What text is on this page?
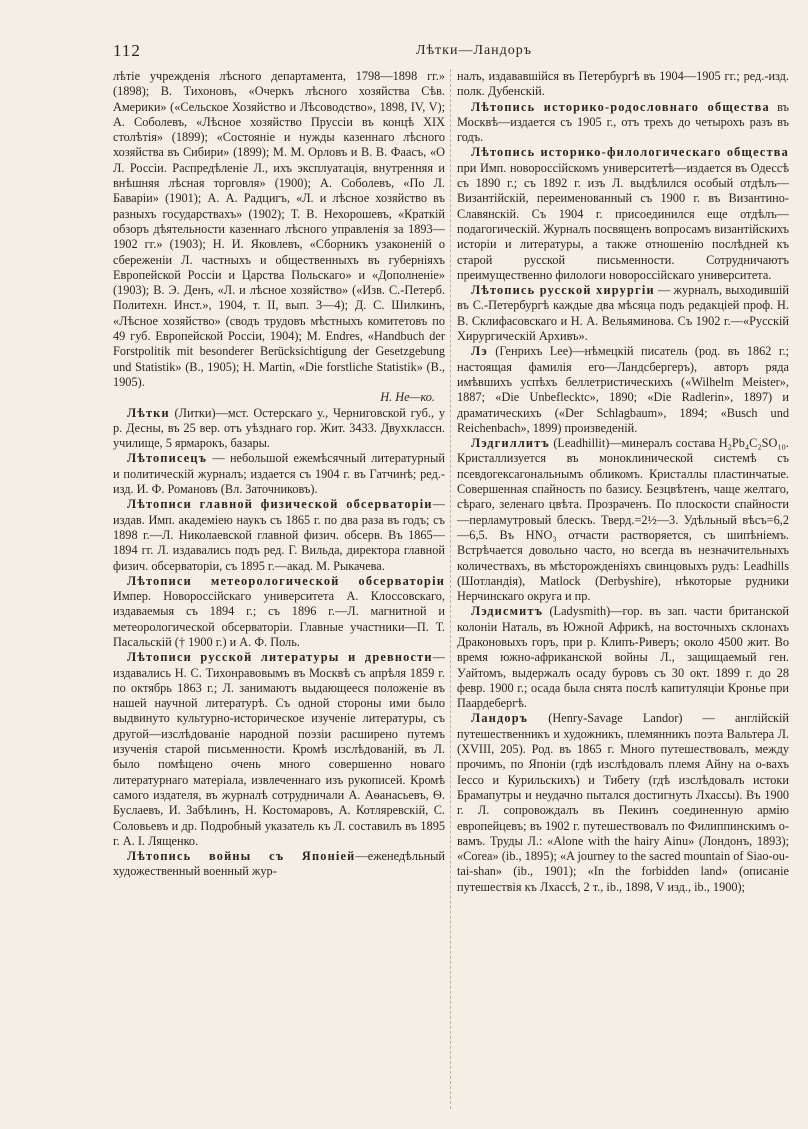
112	Лѣтки—Ландоръ

лѣтіе учрежденія лѣсного департамента, 1798—1898 гг.» (1898); В. Тихоновъ, «Очеркъ лѣсного хозяйства Сѣв. Америки» («Сельское Хозяйство и Лѣсоводство», 1898, IV, V); А. Соболевъ, «Лѣсное хозяйство Пруссіи въ концѣ XIX столѣтія» (1899); «Состояніе и нужды казеннаго лѣсного хозяйства въ Сибири» (1899); М. М. Орловъ и В. В. Фаасъ, «О Л. Россіи. Распредѣленіе Л., ихъ эксплуатація, внутренняя и внѣшняя лѣсная торговля» (1900); А. Соболевъ, «По Л. Баваріи» (1901); А. А. Радцигъ, «Л. и лѣсное хозяйство въ разныхъ государствахъ» (1902); Т. В. Нехорошевъ, «Краткій обзоръ дѣятельности казеннаго лѣсного управленія за 1893—1902 гг.» (1903); Н. И. Яковлевъ, «Сборникъ узаконеній о сбереженіи Л. частныхъ и общественныхъ въ губерніяхъ Европейской Россіи и Царства Польскаго» и «Дополненіе» (1903); В. Э. Денъ, «Л. и лѣсное хозяйство» («Изв. С.-Петерб. Политехн. Инст.», 1904, т. II, вып. 3—4); Д. С. Шилкинъ, «Лѣсное хозяйство» (сводъ трудовъ мѣстныхъ комитетовъ по 49 губ. Европейской Россіи, 1904); M. Endres, «Handbuch der Forstpolitik mit besonderer Berücksichtigung der Gesetzgebung und Statistik» (B., 1905); H. Martin, «Die forstliche Statistik» (B., 1905).

Н. Не—ко.

Лѣтки (Литки)—мст. Остерскаго у., Черниговской губ., у р. Десны, въ 25 вер. отъ уѣзднаго гор. Жит. 3433. Двухклассн. училище, 5 ярмарокъ, базары.

Лѣтописецъ — небольшой ежемѣсячный литературный и политическій журналъ; издается съ 1904 г. въ Гатчинѣ; ред.-изд. И. Ф. Романовъ (Вл. Заточниковъ).

Лѣтописи главной физической обсерваторіи—издав. Имп. академіею наукъ съ 1865 г. по два раза въ годъ; съ 1898 г.—Л. Николаевской главной физич. обсерв. Въ 1865—1894 гг. Л. издавались подъ ред. Г. Вильда, директора главной физич. обсерваторіи, съ 1895 г.—акад. М. Рыкачева.

Лѣтописи метеорологической обсерваторіи Импер. Новороссійскаго университета А. Клоссовскаго, издаваемыя съ 1894 г.; съ 1896 г.—Л. магнитной и метеорологической обсерваторіи. Главные участники—П. Т. Пасальскій († 1900 г.) и А. Ф. Поль.

Лѣтописи русской литературы и древности—издавались Н. С. Тихонравовымъ въ Москвѣ съ апрѣля 1859 г. по октябрь 1863 г.; Л. занимаютъ выдающееся положеніе въ нашей научной литературѣ. Съ одной стороны ими было выдвинуто культурно-историческое изученіе литературы, съ другой—изслѣдованіе народной поэзіи расширено путемъ изученія старой письменности. Кромѣ изслѣдованій, въ Л. было помѣщено очень много совершенно новаго литературнаго матеріала, извлеченнаго изъ рукописей. Кромѣ самого издателя, въ журналѣ сотрудничали А. Аѳанасьевъ, Ѳ. Буслаевъ, И. Забѣлинъ, Н. Костомаровъ, А. Котляревскій, С. Соловьевъ и др. Подробный указатель къ Л. составилъ въ 1895 г. А. І. Лященко.

Лѣтопись войны съ Японіей—еженедѣльный художественный военный жур-

налъ, издававшійся въ Петербургѣ въ 1904—1905 гг.; ред.-изд. полк. Дубенскій.

Лѣтопись историко-родословнаго общества въ Москвѣ—издается съ 1905 г., отъ трехъ до четырохъ разъ въ годъ.

Лѣтопись историко-филологическаго общества при Имп. новороссійскомъ университетѣ—издается въ Одессѣ съ 1890 г.; съ 1892 г. изъ Л. выдѣлился особый отдѣлъ—Византійскій, переименованный съ 1900 г. въ Византино-Славянскій. Съ 1904 г. присоединился еще отдѣлъ—подагогическій. Журналъ посвященъ вопросамъ византійскихъ исторіи и литературы, а также отношенію послѣдней къ старой русской письменности. Сотрудничаютъ преимущественно филологи новороссійскаго университета.

Лѣтопись русской хирургіи — журналъ, выходившій въ С.-Петербургѣ каждые два мѣсяца подъ редакціей проф. Н. В. Склифасовскаго и Н. А. Вельяминова. Съ 1902 г.—«Русскій Хирургическій Архивъ».

Лэ (Генрихъ Lee)—нѣмецкій писатель (род. въ 1862 г.; настоящая фамилія его—Ландсбергеръ), авторъ ряда имѣвшихъ успѣхъ беллетристическихъ («Wilhelm Meister», 1887; «Die Unbeflecktc», 1890; «Die Radlerin», 1897) и драматическихъ («Der Schlagbaum», 1894; «Busch und Reichenbach», 1899) произведеній.

Лэдгиллитъ (Leadhillit)—минералъ состава H₂Pb₄C₂SO₁₀. Кристаллизуется въ моноклинической системѣ съ псевдогексагональнымъ обликомъ. Кристаллы пластинчатые. Совершенная спайность по базису. Безцвѣтенъ, чаще желтаго, сѣраго, зеленаго цвѣта. Прозраченъ. По плоскости спайности—перламутровый блескъ. Тверд.=2½—3. Удѣльный вѣсъ=6,2—6,5. Въ HNO₃ отчасти растворяется, съ шипѣніемъ. Встрѣчается довольно часто, но всегда въ незначительныхъ количествахъ, въ мѣсторожденіяхъ свинцовыхъ рудъ: Leadhills (Шотландія), Matlock (Derbyshire), нѣкоторые рудники Нерчинскаго округа и пр.

Лэдисмитъ (Ladysmith)—гор. въ зап. части британской колоніи Наталь, въ Южной Африкѣ, на восточныхъ склонахъ Драконовыхъ горъ, при р. Клипъ-Риверъ; около 4500 жит. Во время южно-африканской войны Л., защищаемый ген. Уайтомъ, выдержалъ осаду буровъ съ 30 окт. 1899 г. до 28 февр. 1900 г.; осада была снята послѣ капитуляціи Кронье при Паардебергѣ.

Ландоръ (Henry-Savage Landor) — англійскій путешественникъ и художникъ, племянникъ поэта Вальтера Л. (XVIII, 205). Род. въ 1865 г. Много путешествовалъ, между прочимъ, по Японіи (гдѣ изслѣдовалъ племя Айну на о-вахъ Іессо и Курильскихъ) и Тибету (гдѣ изслѣдовалъ истоки Брамапутры и неудачно пытался достигнуть Лхассы). Въ 1900 г. Л. сопровождалъ въ Пекинъ соединенную армію европейцевъ; въ 1902 г. путешествовалъ по Филиппинскимъ о-вамъ. Труды Л.: «Alone with the hairy Ainu» (Лондонъ, 1893); «Corea» (ib., 1895); «A journey to the sacred mountain of Siao-ou-tai-shan» (ib., 1901); «In the forbidden land» (описаніе путешествія къ Лхассѣ, 2 т., ib., 1898, V изд., ib., 1900);
